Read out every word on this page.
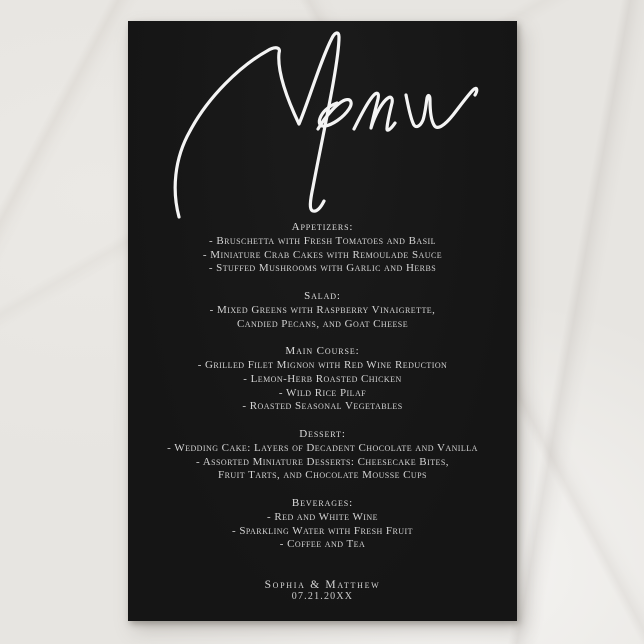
Appetizers:
- Bruschetta with Fresh Tomatoes and Basil
- Miniature Crab Cakes with Remoulade Sauce
- Stuffed Mushrooms with Garlic and Herbs
Salad:
- Mixed Greens with Raspberry Vinaigrette,
Candied Pecans, and Goat Cheese
Main Course:
- Grilled Filet Mignon with Red Wine Reduction
- Lemon-Herb Roasted Chicken
- Wild Rice Pilaf
- Roasted Seasonal Vegetables
Dessert:
- Wedding Cake: Layers of Decadent Chocolate and Vanilla
- Assorted Miniature Desserts: Cheesecake Bites,
Fruit Tarts, and Chocolate Mousse Cups
Beverages:
- Red and White Wine
- Sparkling Water with Fresh Fruit
- Coffee and Tea
Sophia & Matthew
07.21.20XX
